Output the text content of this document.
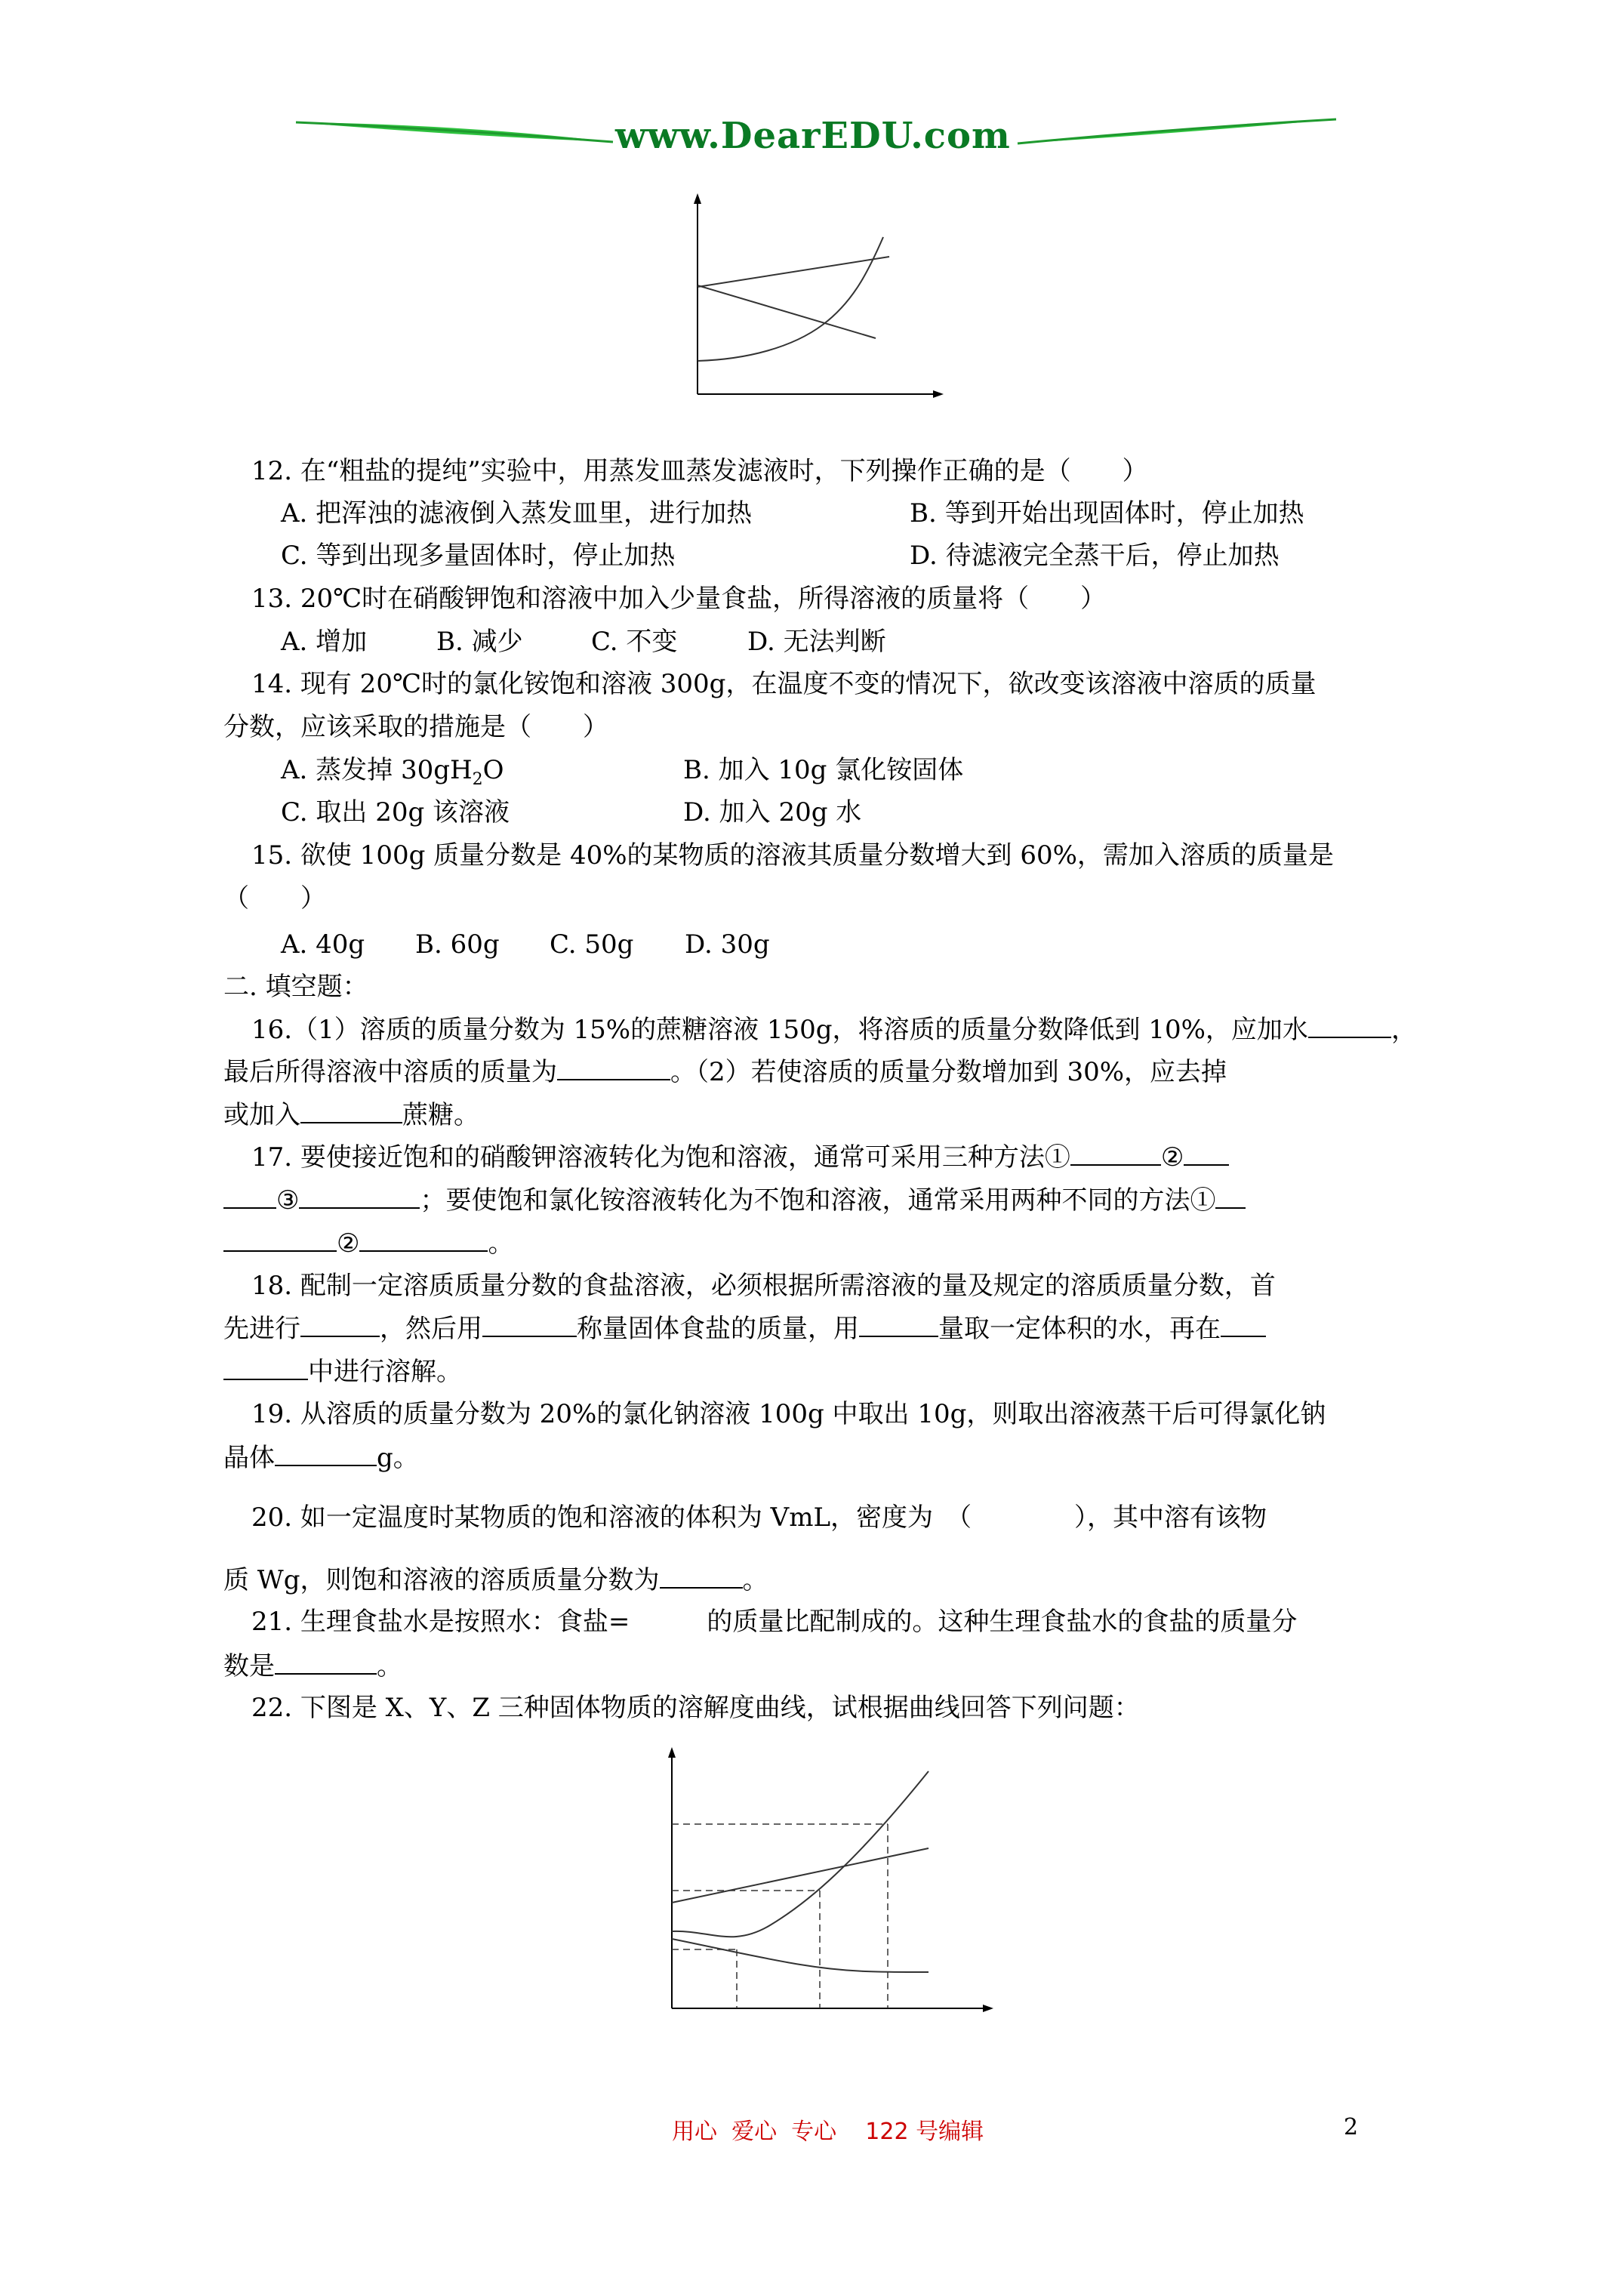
www.DearEDU.com
12. 在“粗盐的提纯”实验中，用蒸发皿蒸发滤液时，下列操作正确的是（　　）
A. 把浑浊的滤液倒入蒸发皿里，进行加热	B. 等到开始出现固体时，停止加热
C. 等到出现多量固体时，停止加热	D. 待滤液完全蒸干后，停止加热
13. 20℃时在硝酸钾饱和溶液中加入少量食盐，所得溶液的质量将（　　）
A. 增加	B. 减少	C. 不变	D. 无法判断
14. 现有 20℃时的氯化铵饱和溶液 300g，在温度不变的情况下，欲改变该溶液中溶质的质量
分数，应该采取的措施是（　　）
A. 蒸发掉 $30gH_2O$	B. 加入 10g 氯化铵固体
C. 取出 20g 该溶液	D. 加入 20g 水
15. 欲使 100g 质量分数是 40%的某物质的溶液其质量分数增大到 60%，需加入溶质的质量是
（　　）
A. 40g B. 60g C. 50g D. 30g
二. 填空题：
16.（1）溶质的质量分数为 15%的蔗糖溶液 150g，将溶质的质量分数降低到 10%，应加水	，
最后所得溶液中溶质的质量为	。（2）若使溶质的质量分数增加到 30%，应去掉
或加入	蔗糖。
17. 要使接近饱和的硝酸钾溶液转化为饱和溶液，通常可采用三种方法①	②
③	；要使饱和氯化铵溶液转化为不饱和溶液，通常采用两种不同的方法①
②	。
18. 配制一定溶质质量分数的食盐溶液，必须根据所需溶液的量及规定的溶质质量分数，首
先进行	，然后用	称量固体食盐的质量，用	量取一定体积的水，再在
中进行溶解。
19. 从溶质的质量分数为 20%的氯化钠溶液 100g 中取出 10g，则取出溶液蒸干后可得氯化钠
晶体	g。
20. 如一定温度时某物质的饱和溶液的体积为 VmL，密度为　（　　　　），其中溶有该物
质 Wg，则饱和溶液的溶质质量分数为	。
21. 生理食盐水是按照水：食盐=　　　的质量比配制成的。这种生理食盐水的食盐的质量分
数是	。
22. 下图是 X、Y、Z 三种固体物质的溶解度曲线，试根据曲线回答下列问题：
用心  爱心  专心    122 号编辑	2
